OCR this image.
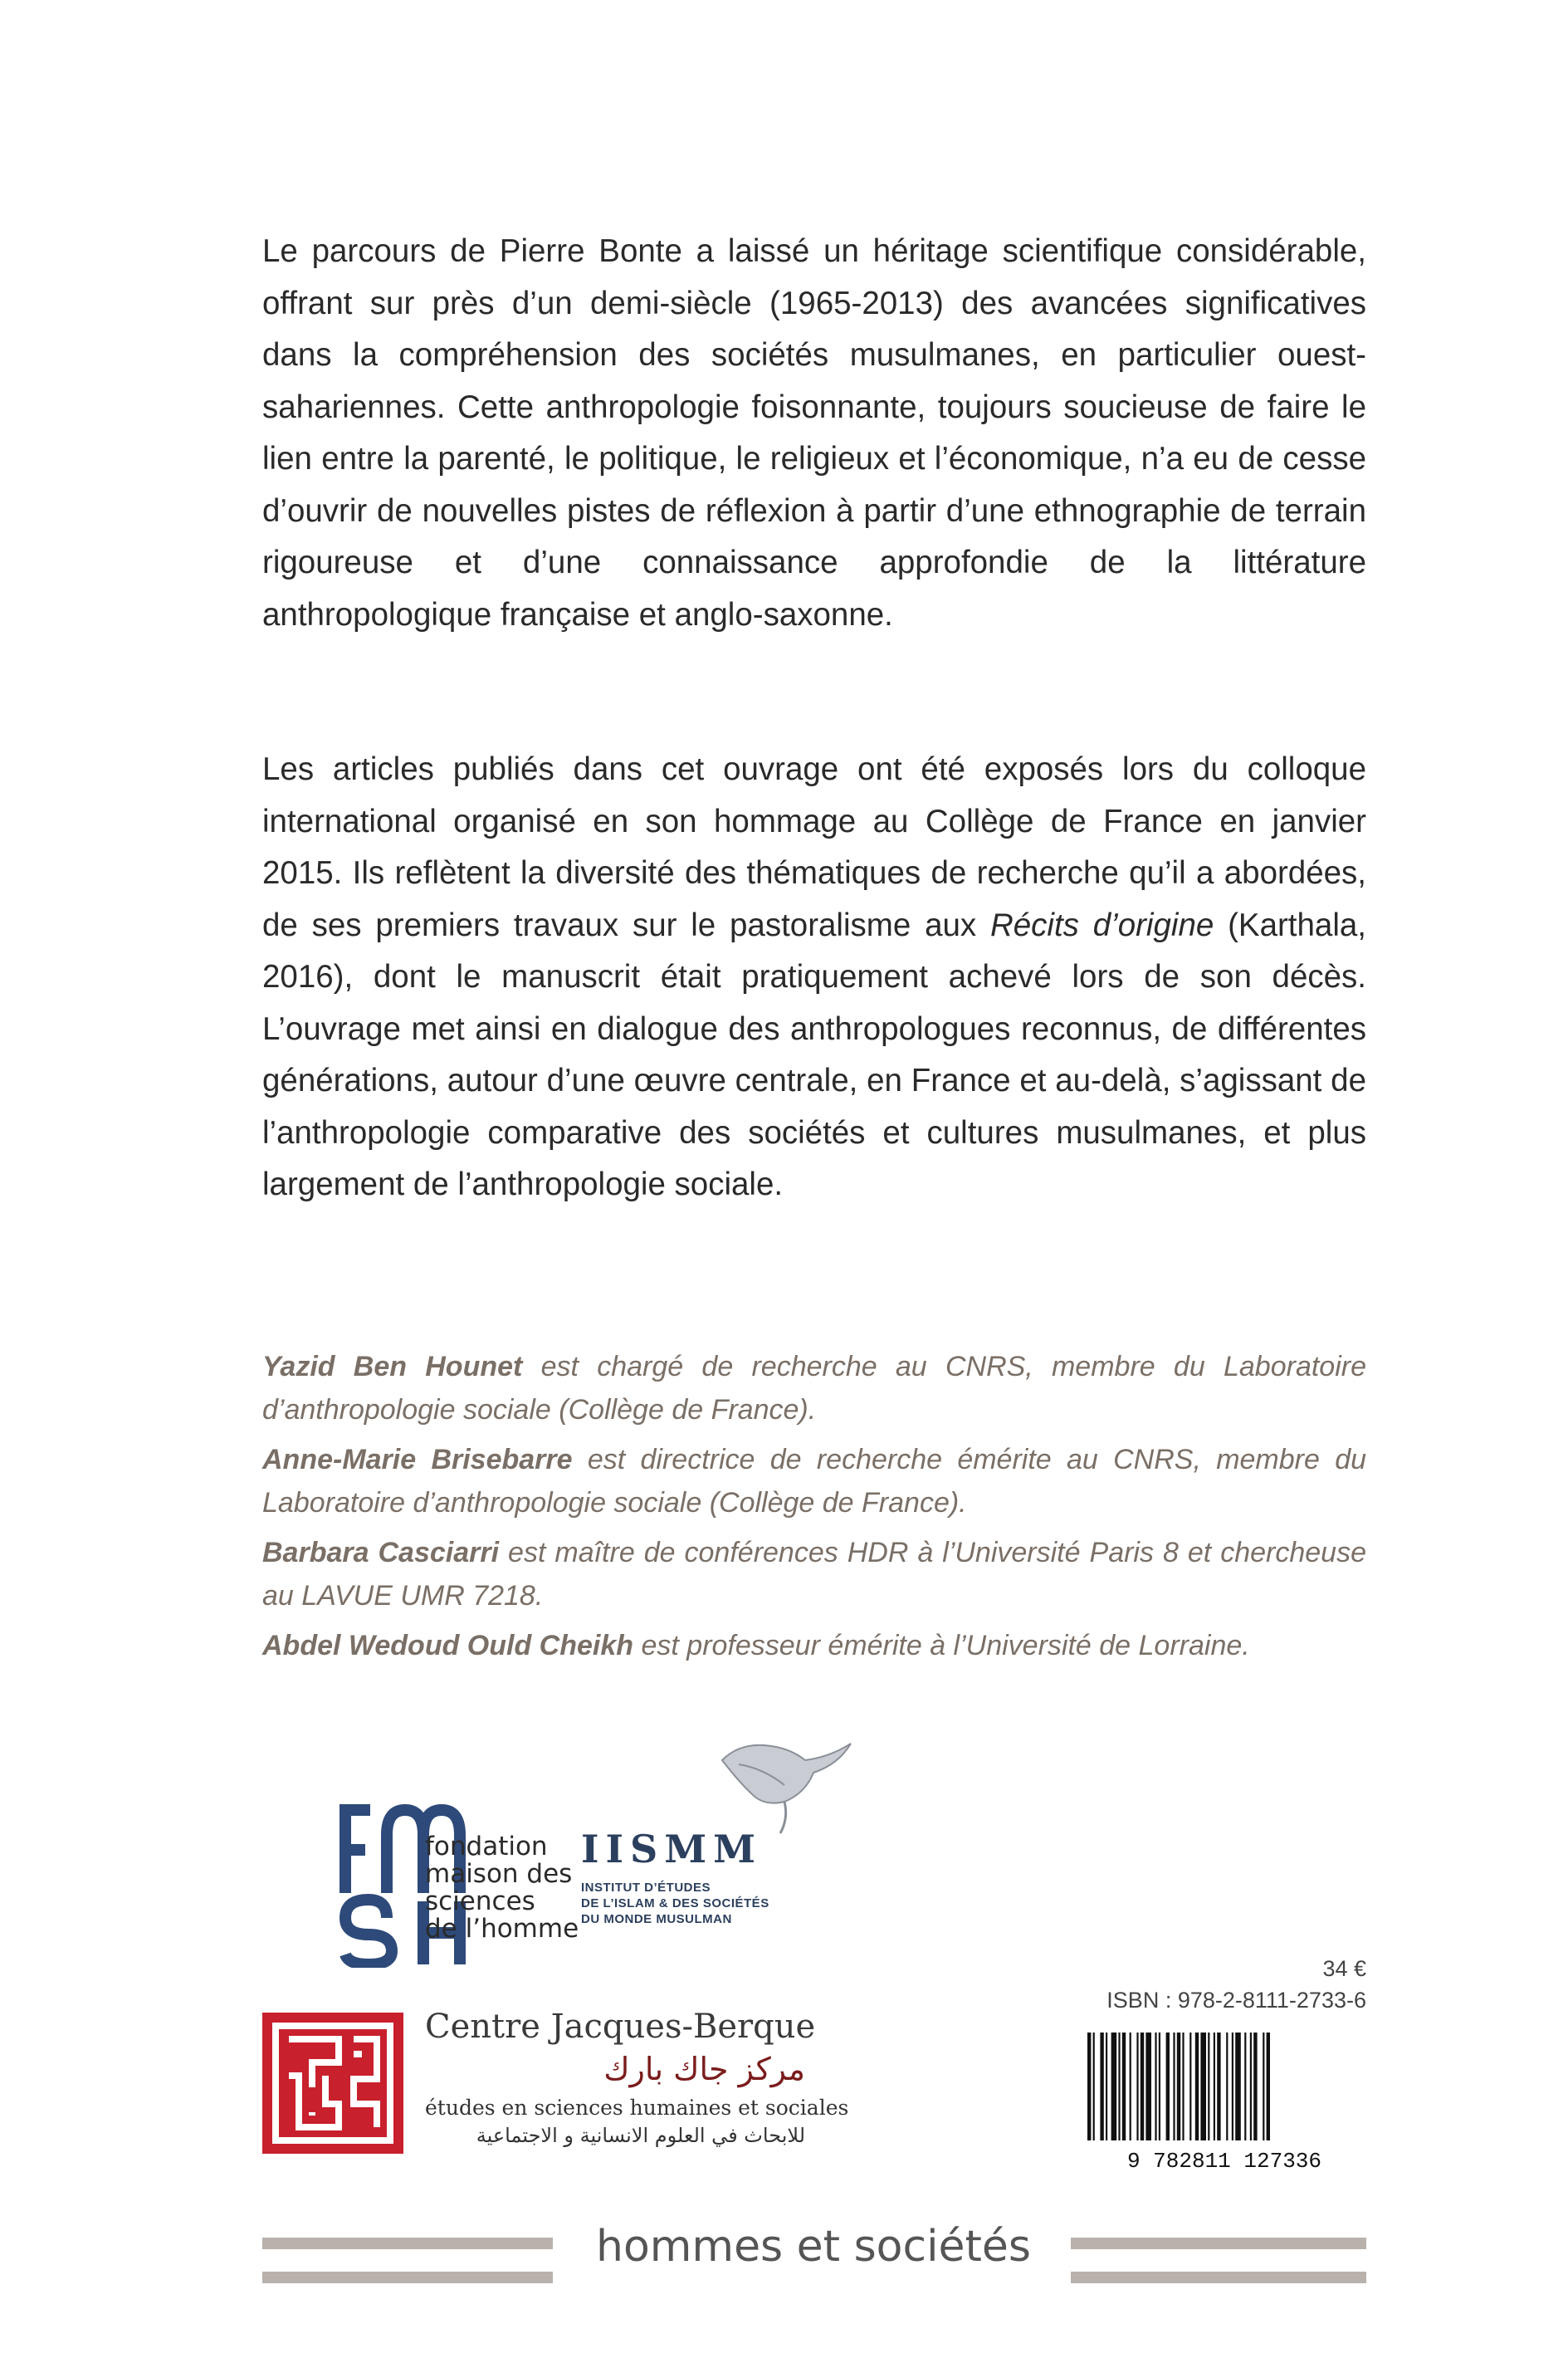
Le parcours de Pierre Bonte a laissé un héritage scientifique considérable, offrant sur près d’un demi-siècle (1965-2013) des avancées significatives dans la compréhension des sociétés musulmanes, en particulier ouest-sahariennes. Cette anthropologie foisonnante, toujours soucieuse de faire le lien entre la parenté, le politique, le religieux et l’économique, n’a eu de cesse d’ouvrir de nouvelles pistes de réflexion à partir d’une ethnographie de terrain rigoureuse et d’une connaissance approfondie de la littérature anthropologique française et anglo-saxonne.

Les articles publiés dans cet ouvrage ont été exposés lors du colloque international organisé en son hommage au Collège de France en janvier 2015. Ils reflètent la diversité des thématiques de recherche qu’il a abordées, de ses premiers travaux sur le pastoralisme aux Récits d’origine (Karthala, 2016), dont le manuscrit était pratiquement achevé lors de son décès. L’ouvrage met ainsi en dialogue des anthropologues reconnus, de différentes générations, autour d’une œuvre centrale, en France et au-delà, s’agissant de l’anthropologie comparative des sociétés et cultures musulmanes, et plus largement de l’anthropologie sociale.

Yazid Ben Hounet est chargé de recherche au CNRS, membre du Laboratoire d’anthropologie sociale (Collège de France).

Anne-Marie Brisebarre est directrice de recherche émérite au CNRS, membre du Laboratoire d’anthropologie sociale (Collège de France).

Barbara Casciarri est maître de conférences HDR à l’Université Paris 8 et chercheuse au LAVUE UMR 7218.

Abdel Wedoud Ould Cheikh est professeur émérite à l’Université de Lorraine.

fondation
maison des
sciences
de l’homme
IISMM
INSTITUT D’ÉTUDES
DE L’ISLAM & DES SOCIÉTÉS
DU MONDE MUSULMAN
Centre Jacques-Berque
مركز جاك بارك
études en sciences humaines et sociales
للابحاث في العلوم الانسانية و الاجتماعية
34 €
ISBN : 978-2-8111-2733-6
9 782811 127336
hommes et sociétés
